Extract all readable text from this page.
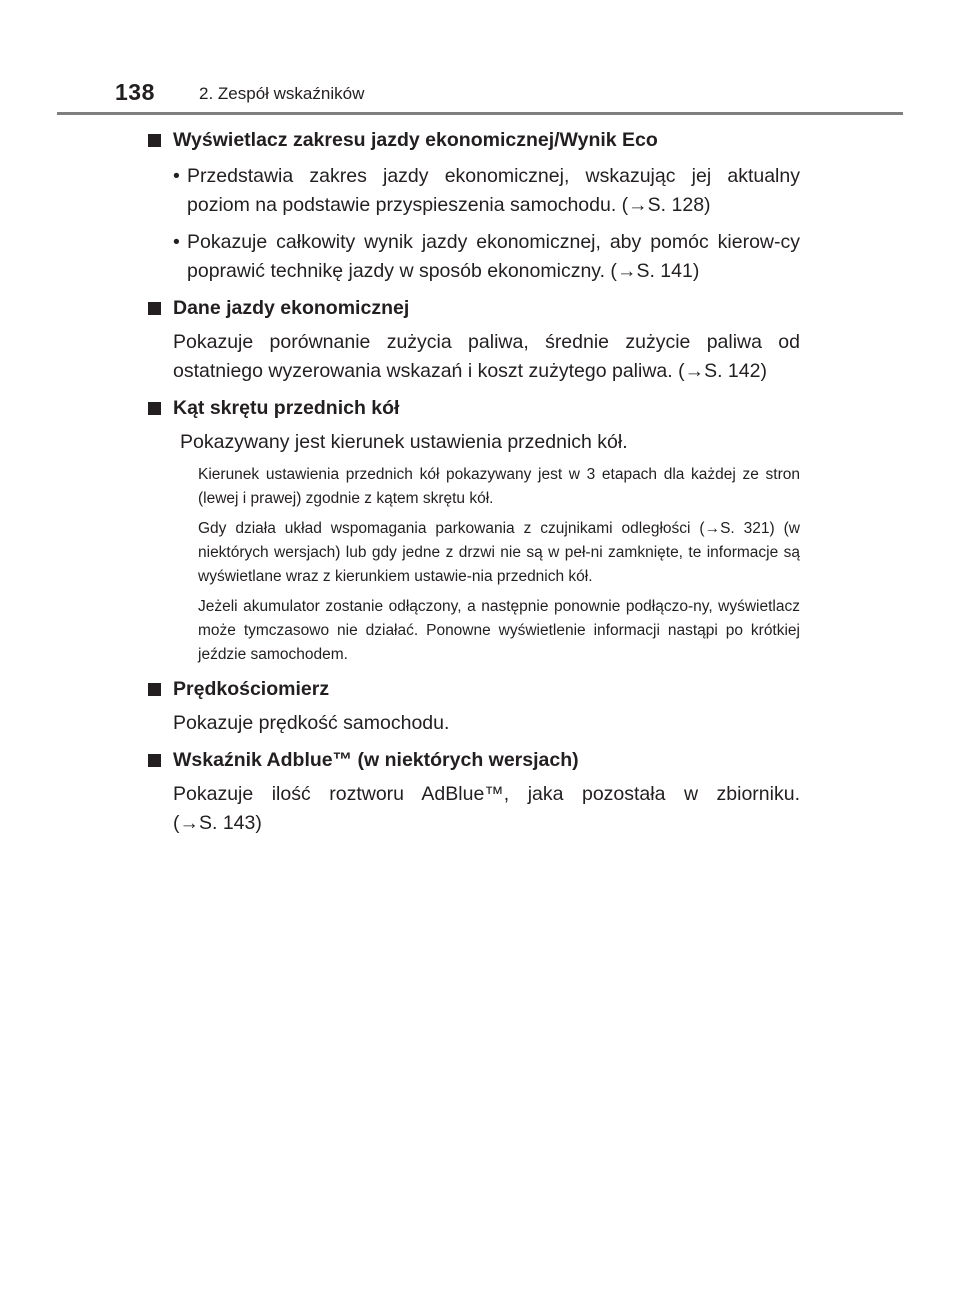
138	2. Zespół wskaźników
Wyświetlacz zakresu jazdy ekonomicznej/Wynik Eco
• Przedstawia zakres jazdy ekonomicznej, wskazując jej aktualny poziom na podstawie przyspieszenia samochodu. (→S. 128)
• Pokazuje całkowity wynik jazdy ekonomicznej, aby pomóc kierow-cy poprawić technikę jazdy w sposób ekonomiczny. (→S. 141)
Dane jazdy ekonomicznej
Pokazuje porównanie zużycia paliwa, średnie zużycie paliwa od ostatniego wyzerowania wskazań i koszt zużytego paliwa. (→S. 142)
Kąt skrętu przednich kół
Pokazywany jest kierunek ustawienia przednich kół.
Kierunek ustawienia przednich kół pokazywany jest w 3 etapach dla każdej ze stron (lewej i prawej) zgodnie z kątem skrętu kół.
Gdy działa układ wspomagania parkowania z czujnikami odległości (→S. 321) (w niektórych wersjach) lub gdy jedne z drzwi nie są w peł-ni zamknięte, te informacje są wyświetlane wraz z kierunkiem ustawie-nia przednich kół.
Jeżeli akumulator zostanie odłączony, a następnie ponownie podłączo-ny, wyświetlacz może tymczasowo nie działać. Ponowne wyświetlenie informacji nastąpi po krótkiej jeździe samochodem.
Prędkościomierz
Pokazuje prędkość samochodu.
Wskaźnik Adblue™ (w niektórych wersjach)
Pokazuje ilość roztworu AdBlue™, jaka pozostała w zbiorniku. (→S. 143)
